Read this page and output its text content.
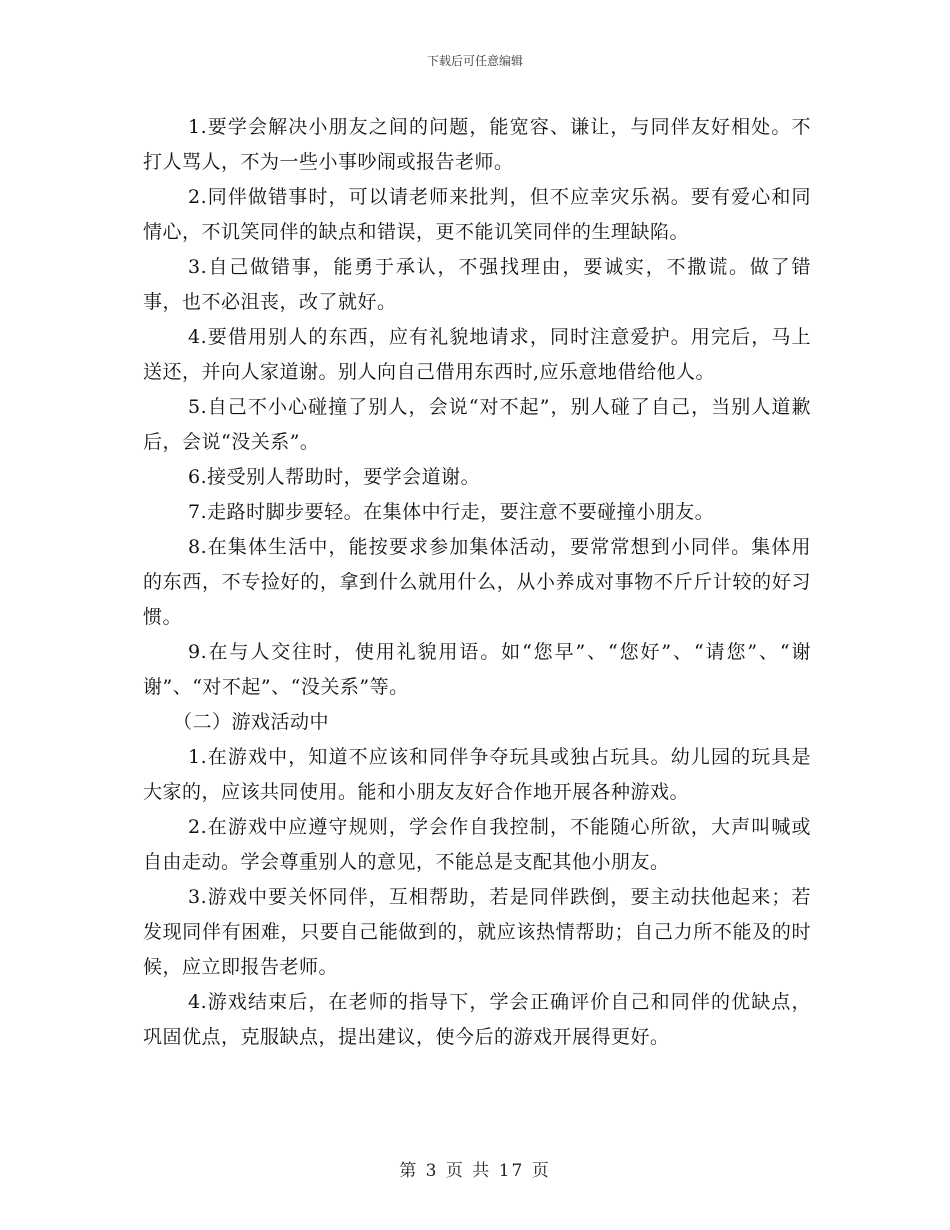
下载后可任意编辑

1.要学会解决小朋友之间的问题，能宽容、谦让，与同伴友好相处。不打人骂人，不为一些小事吵闹或报告老师。

2.同伴做错事时，可以请老师来批判，但不应幸灾乐祸。要有爱心和同情心，不讥笑同伴的缺点和错误，更不能讥笑同伴的生理缺陷。

3.自己做错事，能勇于承认，不强找理由，要诚实，不撒谎。做了错事，也不必沮丧，改了就好。

4.要借用别人的东西，应有礼貌地请求，同时注意爱护。用完后，马上送还，并向人家道谢。别人向自己借用东西时,应乐意地借给他人。

5.自己不小心碰撞了别人，会说“对不起”，别人碰了自己，当别人道歉后，会说“没关系”。

6.接受别人帮助时，要学会道谢。

7.走路时脚步要轻。在集体中行走，要注意不要碰撞小朋友。

8.在集体生活中，能按要求参加集体活动，要常常想到小同伴。集体用的东西，不专捡好的，拿到什么就用什么，从小养成对事物不斤斤计较的好习惯。

9.在与人交往时，使用礼貌用语。如“您早”、“您好”、“请您”、“谢谢”、“对不起”、“没关系”等。

（二）游戏活动中

1.在游戏中，知道不应该和同伴争夺玩具或独占玩具。幼儿园的玩具是大家的，应该共同使用。能和小朋友友好合作地开展各种游戏。

2.在游戏中应遵守规则，学会作自我控制，不能随心所欲，大声叫喊或自由走动。学会尊重别人的意见，不能总是支配其他小朋友。

3.游戏中要关怀同伴，互相帮助，若是同伴跌倒，要主动扶他起来；若发现同伴有困难，只要自己能做到的，就应该热情帮助；自己力所不能及的时候，应立即报告老师。

4.游戏结束后，在老师的指导下，学会正确评价自己和同伴的优缺点，巩固优点，克服缺点，提出建议，使今后的游戏开展得更好。

第 3 页 共 17 页
